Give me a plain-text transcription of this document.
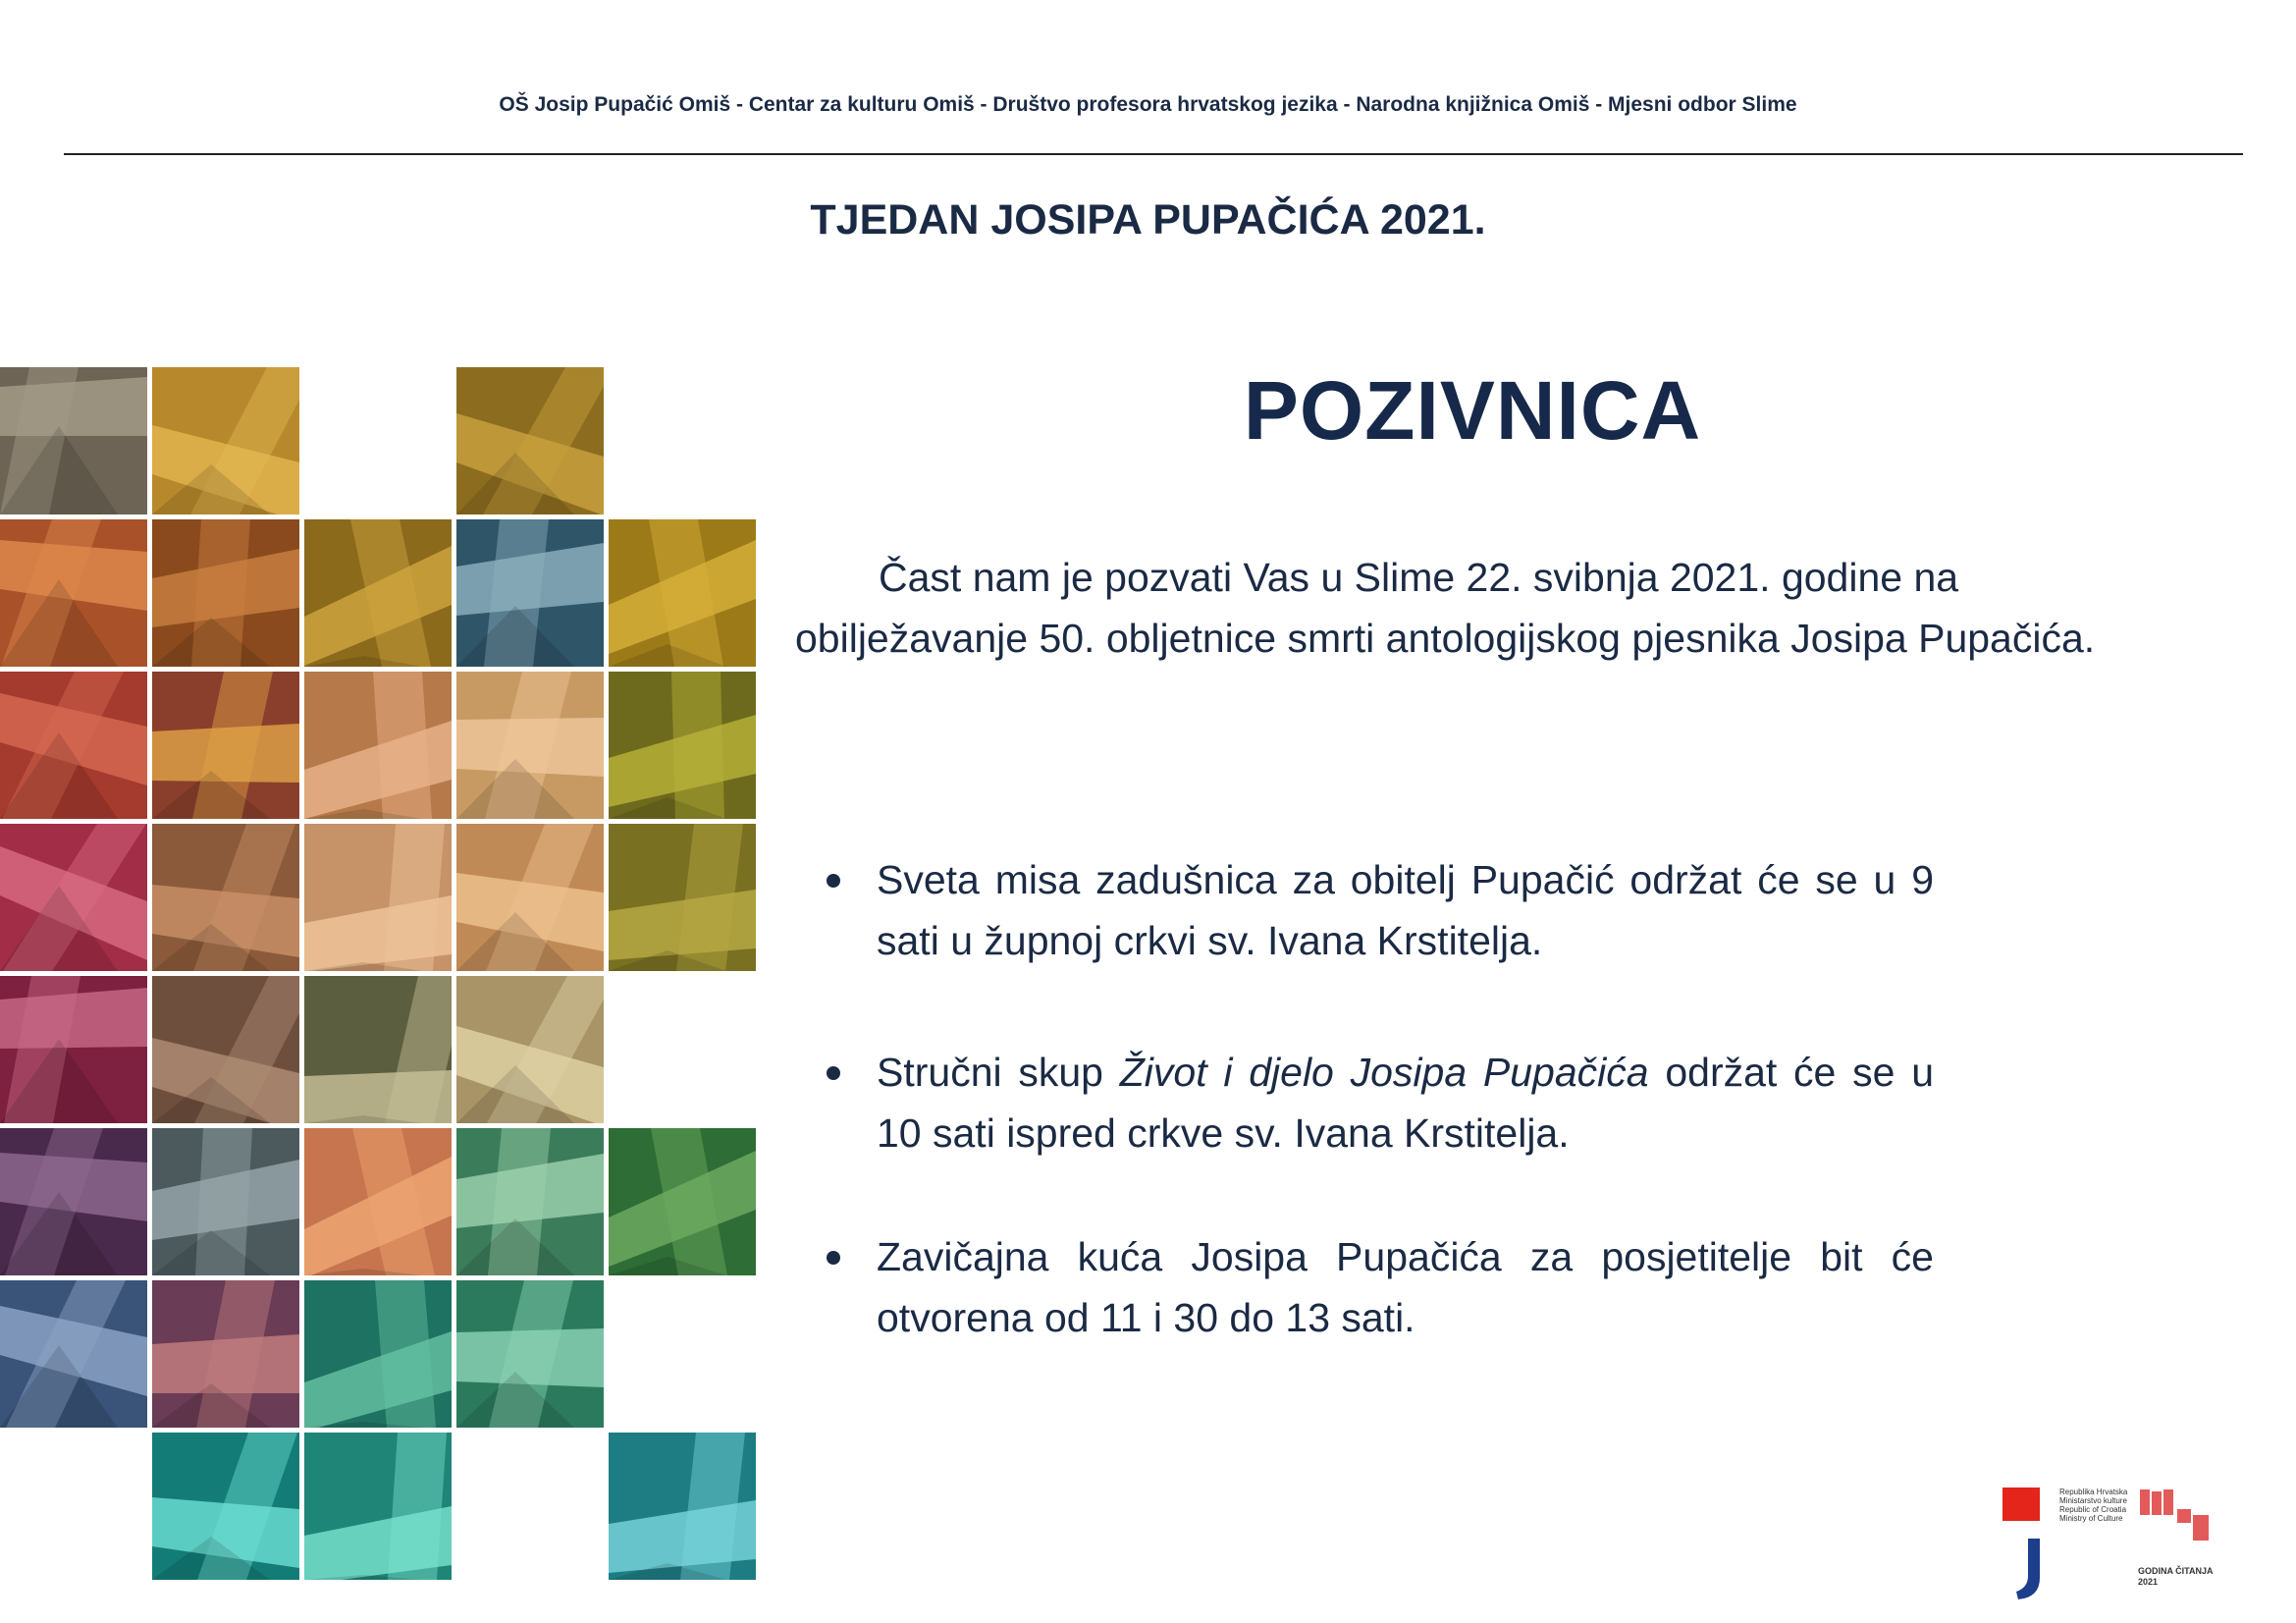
OŠ Josip Pupačić Omiš - Centar za kulturu Omiš - Društvo profesora hrvatskog jezika - Narodna knjižnica Omiš - Mjesni odbor Slime
TJEDAN JOSIPA PUPAČIĆA 2021.
POZIVNICA

Čast nam je pozvati Vas u Slime 22. svibnja 2021. godine na obilježavanje 50. obljetnice smrti antologijskog pjesnika Josipa Pupačića.

Sveta misa zadušnica za obitelj Pupačić održat će se u 9 sati u župnoj crkvi sv. Ivana Krstitelja.
Stručni skup Život i djelo Josipa Pupačića održat će se u 10 sati ispred crkve sv. Ivana Krstitelja.
Zavičajna kuća Josipa Pupačića za posjetitelje bit će otvorena od 11 i 30 do 13 sati.
Republika Hrvatska Ministarstvo kulture Republic of Croatia Ministry of Culture
GODINA ČITANJA 2021
